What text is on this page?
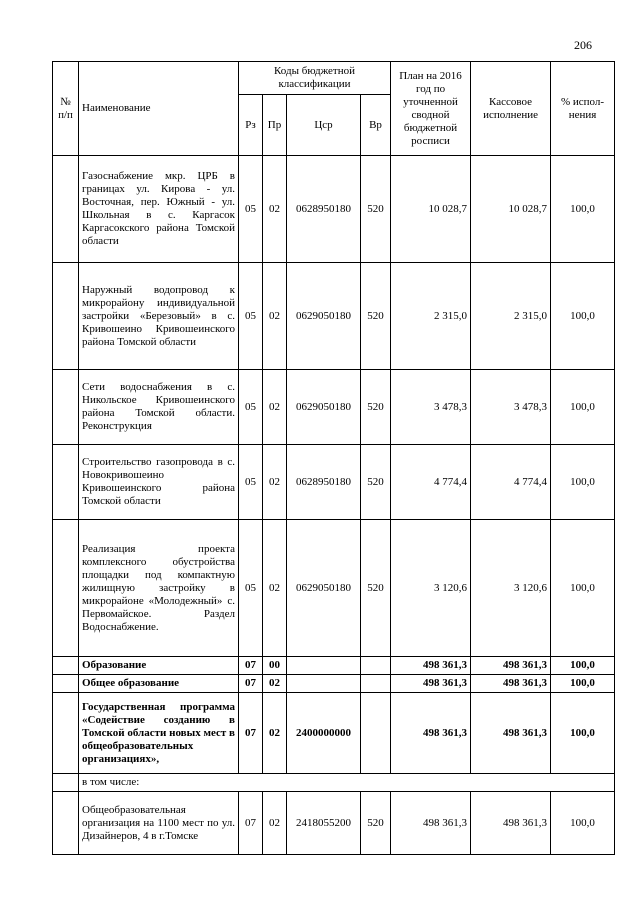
206
№ п/п	Наименование	Коды бюджетной классификации				План на 2016 год по уточненной сводной бюджетной росписи	Кассовое исполнение	% испол-нения
		Рз	Пр	Цср	Вр			
	Газоснабжение мкр. ЦРБ в границах ул. Кирова - ул. Восточная, пер. Южный - ул. Школьная в с. Каргасок Каргасокского района Томской области	05	02	0628950180	520	10 028,7	10 028,7	100,0
	Наружный водопровод к микрорайону индивидуальной застройки «Березовый» в с. Кривошеино Кривошеинского района Томской области	05	02	0629050180	520	2 315,0	2 315,0	100,0
	Сети водоснабжения в с. Никольское Кривошеинского района Томской области. Реконструкция	05	02	0629050180	520	3 478,3	3 478,3	100,0
	Строительство газопровода в с. Новокривошеино Кривошеинского района Томской области	05	02	0628950180	520	4 774,4	4 774,4	100,0
	Реализация проекта комплексного обустройства площадки под компактную жилищную застройку в микрорайоне «Молодежный» с. Первомайское. Раздел Водоснабжение.	05	02	0629050180	520	3 120,6	3 120,6	100,0
	Образование	07	00			498 361,3	498 361,3	100,0
	Общее образование	07	02			498 361,3	498 361,3	100,0
	Государственная программа «Содействие созданию в Томской области новых мест в общеобразовательных организациях»,	07	02	2400000000		498 361,3	498 361,3	100,0
	в том числе:							
	Общеобразовательная организация на 1100 мест по ул. Дизайнеров, 4 в г.Томске	07	02	2418055200	520	498 361,3	498 361,3	100,0
